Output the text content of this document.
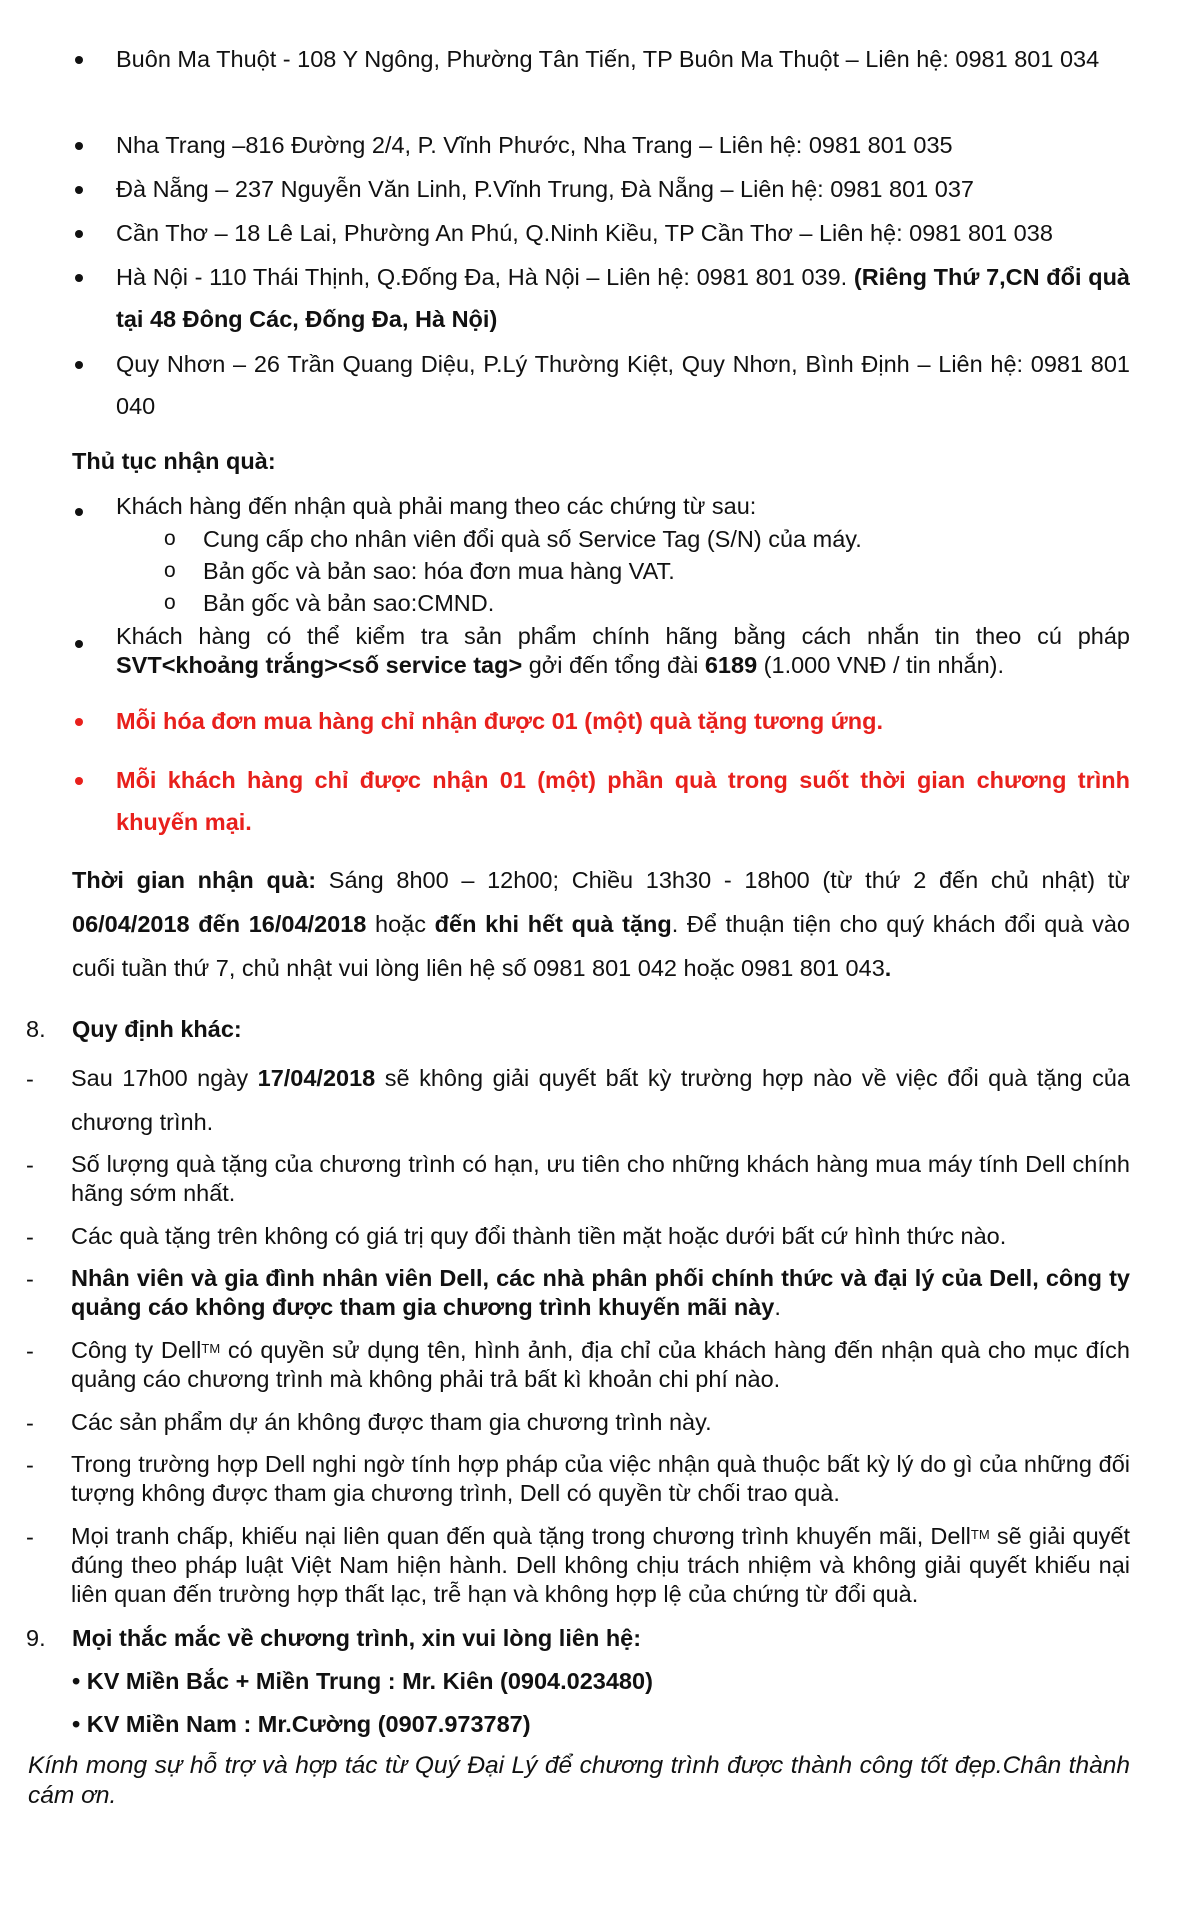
Buôn Ma Thuột - 108 Y Ngông, Phường Tân Tiến, TP Buôn Ma Thuột – Liên hệ: 0981 801 034
Nha Trang –816 Đường 2/4, P. Vĩnh Phước, Nha Trang – Liên hệ: 0981 801 035
Đà Nẵng – 237 Nguyễn Văn Linh, P.Vĩnh Trung, Đà Nẵng – Liên hệ: 0981 801 037
Cần Thơ – 18 Lê Lai, Phường An Phú, Q.Ninh Kiều, TP Cần Thơ – Liên hệ: 0981 801 038
Hà Nội - 110 Thái Thịnh, Q.Đống Đa, Hà Nội – Liên hệ: 0981 801 039. (Riêng Thứ 7,CN đổi quà tại 48 Đông Các, Đống Đa, Hà Nội)
Quy Nhơn – 26 Trần Quang Diệu, P.Lý Thường Kiệt, Quy Nhơn, Bình Định – Liên hệ: 0981 801 040
Thủ tục nhận quà:
Khách hàng đến nhận quà phải mang theo các chứng từ sau:
o Cung cấp cho nhân viên đổi quà số Service Tag (S/N) của máy.
o Bản gốc và bản sao: hóa đơn mua hàng VAT.
o Bản gốc và bản sao:CMND.
Khách hàng có thể kiểm tra sản phẩm chính hãng bằng cách nhắn tin theo cú pháp SVT<khoảng trắng><số service tag> gởi đến tổng đài 6189 (1.000 VNĐ / tin nhắn).
Mỗi hóa đơn mua hàng chỉ nhận được 01 (một) quà tặng tương ứng.
Mỗi khách hàng chỉ được nhận 01 (một) phần quà trong suốt thời gian chương trình khuyến mại.
Thời gian nhận quà: Sáng 8h00 – 12h00; Chiều 13h30 - 18h00 (từ thứ 2 đến chủ nhật) từ 06/04/2018 đến 16/04/2018 hoặc đến khi hết quà tặng. Để thuận tiện cho quý khách đổi quà vào cuối tuần thứ 7, chủ nhật vui lòng liên hệ số 0981 801 042 hoặc 0981 801 043.
8. Quy định khác:
- Sau 17h00 ngày 17/04/2018 sẽ không giải quyết bất kỳ trường hợp nào về việc đổi quà tặng của chương trình.
- Số lượng quà tặng của chương trình có hạn, ưu tiên cho những khách hàng mua máy tính Dell chính hãng sớm nhất.
- Các quà tặng trên không có giá trị quy đổi thành tiền mặt hoặc dưới bất cứ hình thức nào.
- Nhân viên và gia đình nhân viên Dell, các nhà phân phối chính thức và đại lý của Dell, công ty quảng cáo không được tham gia chương trình khuyến mãi này.
- Công ty Dell™ có quyền sử dụng tên, hình ảnh, địa chỉ của khách hàng đến nhận quà cho mục đích quảng cáo chương trình mà không phải trả bất kì khoản chi phí nào.
- Các sản phẩm dự án không được tham gia chương trình này.
- Trong trường hợp Dell nghi ngờ tính hợp pháp của việc nhận quà thuộc bất kỳ lý do gì của những đối tượng không được tham gia chương trình, Dell có quyền từ chối trao quà.
- Mọi tranh chấp, khiếu nại liên quan đến quà tặng trong chương trình khuyến mãi, Dell™ sẽ giải quyết đúng theo pháp luật Việt Nam hiện hành. Dell không chịu trách nhiệm và không giải quyết khiếu nại liên quan đến trường hợp thất lạc, trễ hạn và không hợp lệ của chứng từ đổi quà.
9. Mọi thắc mắc về chương trình, xin vui lòng liên hệ:
• KV Miền Bắc + Miền Trung : Mr. Kiên (0904.023480)
• KV Miền Nam : Mr.Cường (0907.973787)
Kính mong sự hỗ trợ và hợp tác từ Quý Đại Lý để chương trình được thành công tốt đẹp.Chân thành cám ơn.
